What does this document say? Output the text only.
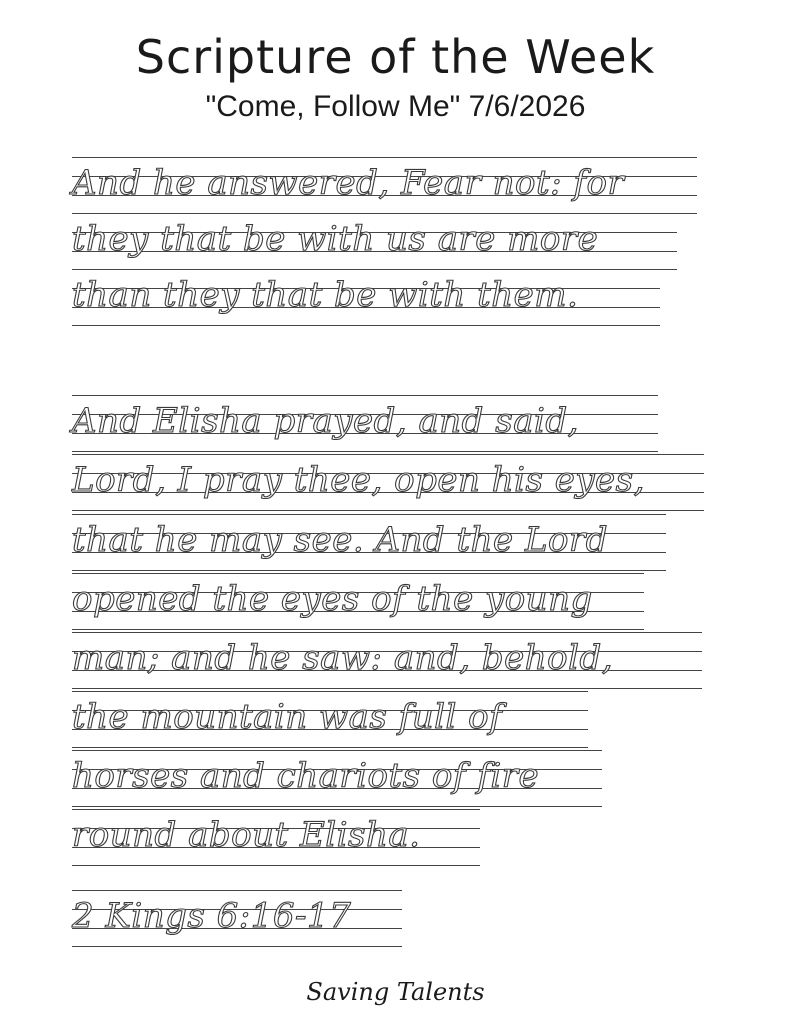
Scripture of the Week
"Come, Follow Me" 7/6/2026
And he answered, Fear not: for
they that be with us are more
than they that be with them.
And Elisha prayed, and said,
Lord, I pray thee, open his eyes,
that he may see. And the Lord
opened the eyes of the young
man; and he saw: and, behold,
the mountain was full of
horses and chariots of fire
round about Elisha.
2 Kings 6:16-17
Saving Talents
